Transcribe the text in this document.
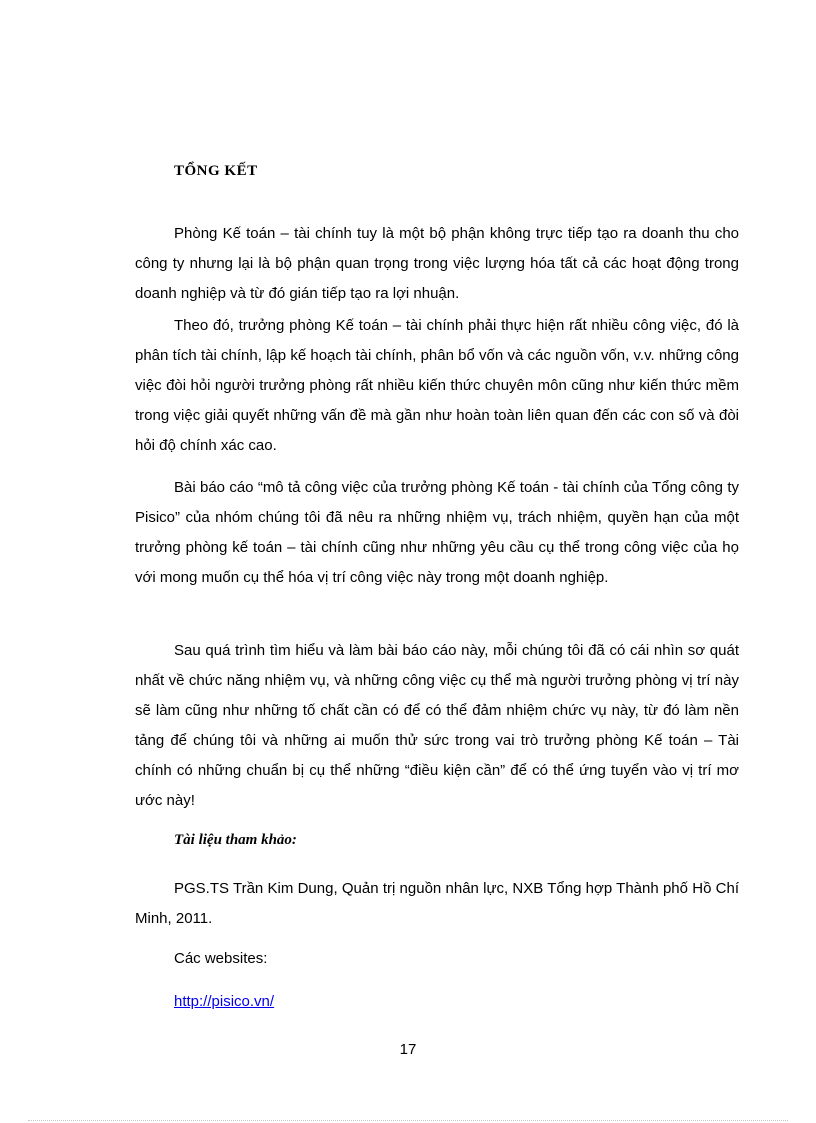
TỔNG KẾT

Phòng Kế toán – tài chính tuy là một bộ phận không trực tiếp tạo ra doanh thu cho công ty nhưng lại là bộ phận quan trọng trong việc lượng hóa tất cả các hoạt động trong doanh nghiệp và từ đó gián tiếp tạo ra lợi nhuận.

Theo đó, trưởng phòng Kế toán – tài chính phải thực hiện rất nhiều công việc, đó là phân tích tài chính, lập kế hoạch tài chính, phân bổ vốn và các nguồn vốn, v.v. những công việc đòi hỏi người trưởng phòng rất nhiều kiến thức chuyên môn cũng như kiến thức mềm trong việc giải quyết những vấn đề mà gần như hoàn toàn liên quan đến các con số và đòi hỏi độ chính xác cao.

Bài báo cáo “mô tả công việc của trưởng phòng Kế toán - tài chính của Tổng công ty Pisico” của nhóm chúng tôi đã nêu ra những nhiệm vụ, trách nhiệm, quyền hạn của một trưởng phòng kế toán – tài chính cũng như những yêu cầu cụ thể trong công việc của họ với mong muốn cụ thể hóa vị trí công việc này trong một doanh nghiệp.

Sau quá trình tìm hiểu và làm bài báo cáo này, mỗi chúng tôi đã có cái nhìn sơ quát nhất về chức năng nhiệm vụ, và những công việc cụ thể mà người trưởng phòng vị trí này sẽ làm cũng như những tố chất cần có để có thể đảm nhiệm chức vụ này, từ đó làm nền tảng để chúng tôi và những ai muốn thử sức trong vai trò trưởng phòng Kế toán – Tài chính có những chuẩn bị cụ thể những “điều kiện cần” để có thể ứng tuyển vào vị trí mơ ước này!

Tài liệu tham khảo:

PGS.TS Trần Kim Dung, Quản trị nguồn nhân lực, NXB Tổng hợp Thành phố Hồ Chí Minh, 2011.

Các websites:
http://pisico.vn/
17
